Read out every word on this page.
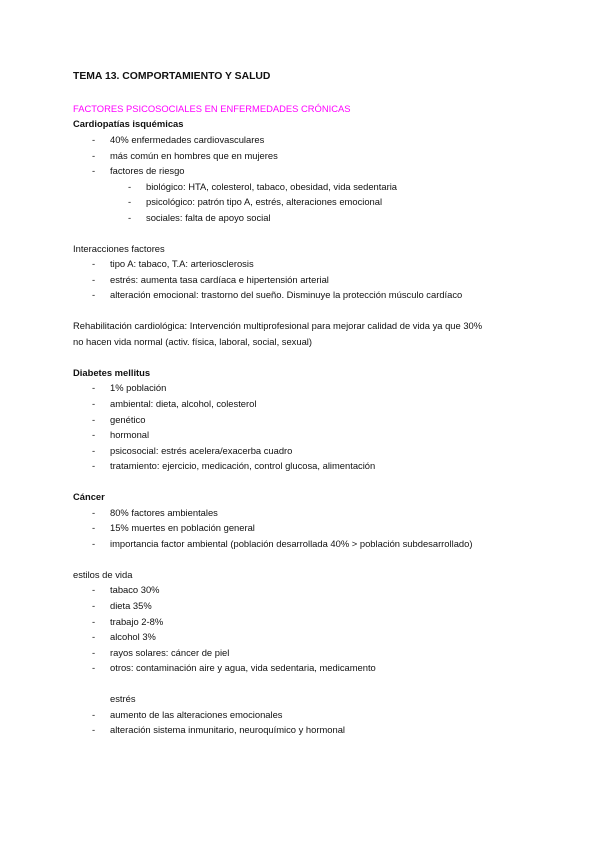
TEMA 13. COMPORTAMIENTO Y SALUD
FACTORES PSICOSOCIALES EN ENFERMEDADES CRÓNICAS
Cardiopatías isquémicas
- 40% enfermedades cardiovasculares
- más común en hombres que en mujeres
- factores de riesgo
- biológico: HTA, colesterol, tabaco, obesidad, vida sedentaria
- psicológico: patrón tipo A, estrés, alteraciones emocional
- sociales: falta de apoyo social
Interacciones factores
- tipo A: tabaco, T.A: arteriosclerosis
- estrés: aumenta tasa cardíaca e hipertensión arterial
- alteración emocional: trastorno del sueño. Disminuye la protección músculo cardíaco
Rehabilitación cardiológica: Intervención multiprofesional para mejorar calidad de vida ya que 30%
no hacen vida normal (activ. física, laboral, social, sexual)
Diabetes mellitus
- 1% población
- ambiental: dieta, alcohol, colesterol
- genético
- hormonal
- psicosocial: estrés acelera/exacerba cuadro
- tratamiento: ejercicio, medicación, control glucosa, alimentación
Cáncer
- 80% factores ambientales
- 15% muertes en población general
- importancia factor ambiental (población desarrollada 40% > población subdesarrollado)
estilos de vida
- tabaco 30%
- dieta 35%
- trabajo 2-8%
- alcohol 3%
- rayos solares: cáncer de piel
- otros: contaminación aire y agua, vida sedentaria, medicamento
estrés
- aumento de las alteraciones emocionales
- alteración sistema inmunitario, neuroquímico y hormonal
